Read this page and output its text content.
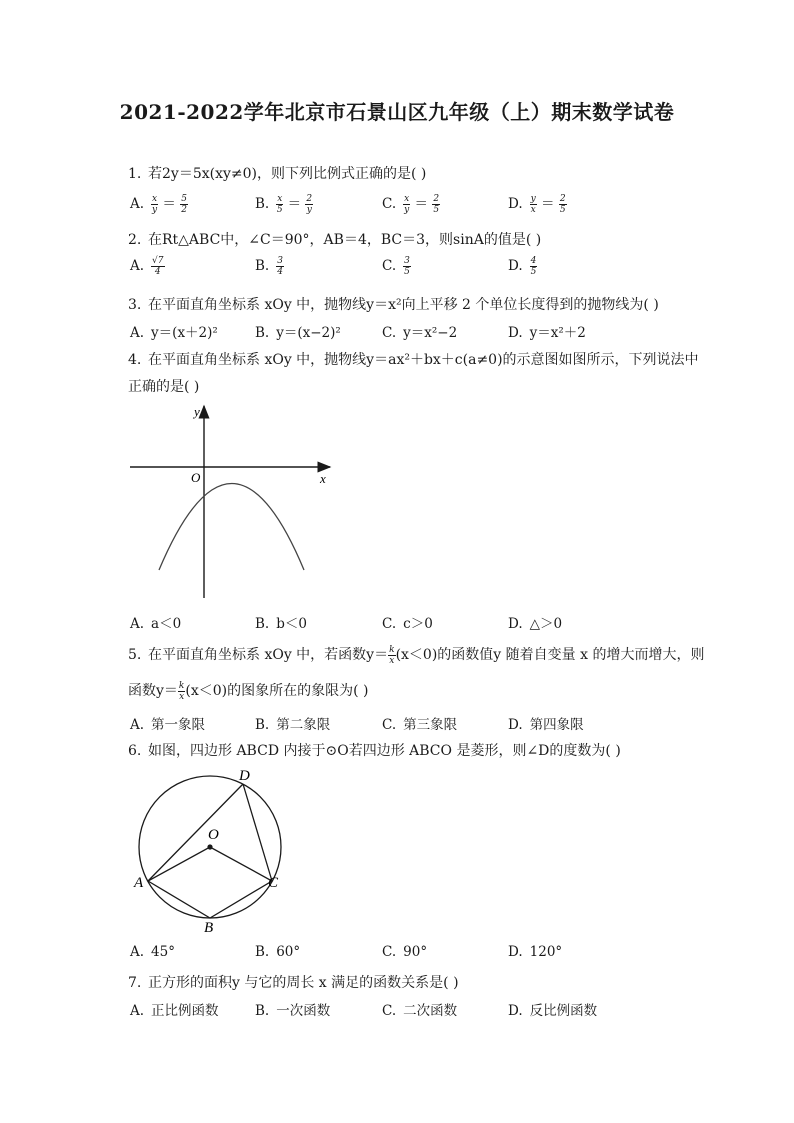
2021-2022学年北京市石景山区九年级（上）期末数学试卷
1. 若2y＝5x(xy≠0)，则下列比例式正确的是( )
A. $\frac{x}{y} = \frac{5}{2}$	B. $\frac{x}{5} = \frac{2}{y}$	C. $\frac{x}{y} = \frac{2}{5}$	D. $\frac{y}{x} = \frac{2}{5}$
2. 在Rt△ABC中，∠C＝90°，AB＝4，BC＝3，则sinA的值是( )
A. $\frac{√7}{4}$	B. $\frac{3}{4}$	C. $\frac{3}{5}$	D. $\frac{4}{5}$
3. 在平面直角坐标系 xOy 中，抛物线y＝x²向上平移 2 个单位长度得到的抛物线为( )
A. y＝(x＋2)²	B. y＝(x−2)²	C. y＝x²−2	D. y＝x²＋2
4. 在平面直角坐标系 xOy 中，抛物线y＝ax²＋bx＋c(a≠0)的示意图如图所示，下列说法中
正确的是( )
y
x
O
A. a＜0	B. b＜0	C. c＞0	D. △＞0
5. 在平面直角坐标系 xOy 中，若函数$y= \frac{k}{x} (x<0)$的函数值y 随着自变量 x 的增大而增大，则
函数$y= \frac{k}{x} (x<0)$的图象所在的象限为( )
A. 第一象限	B. 第二象限	C. 第三象限	D. 第四象限
6. 如图，四边形 ABCD 内接于⊙O若四边形 ABCO 是菱形，则∠D的度数为( )
O
D
A	C
B
A. 45°	B. 60°	C. 90°	D. 120°
7. 正方形的面积y 与它的周长 x 满足的函数关系是( )
A. 正比例函数	B. 一次函数	C. 二次函数	D. 反比例函数
